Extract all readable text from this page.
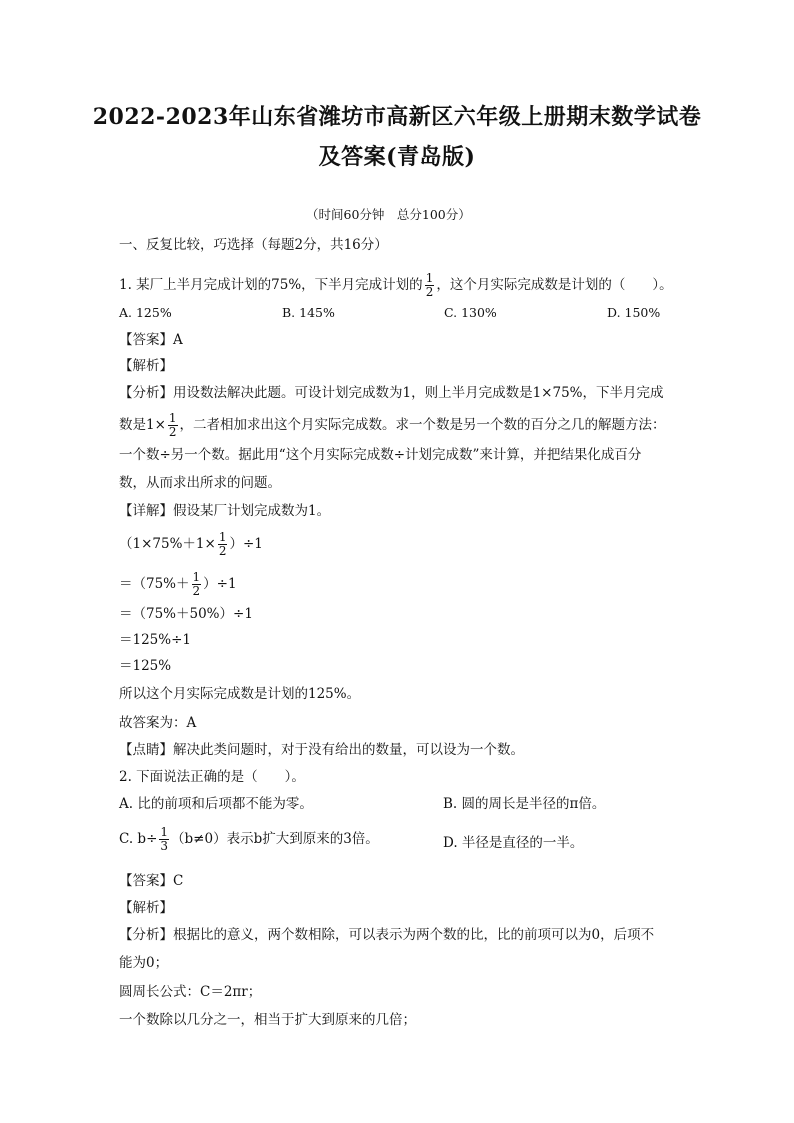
2022-2023年山东省潍坊市高新区六年级上册期末数学试卷
及答案(青岛版)
（时间60分钟　总分100分）
一、反复比较，巧选择（每题2分，共16分）
1. 某厂上半月完成计划的75%，下半月完成计划的 $\frac{1}{2}$ ，这个月实际完成数是计划的（　　）。
A. 125%	B. 145%	C. 130%	D. 150%
【答案】A
【解析】
【分析】用设数法解决此题。可设计划完成数为1，则上半月完成数是1×75%，下半月完成
数是$1\times \frac{1}{2}$ ，二者相加求出这个月实际完成数。求一个数是另一个数的百分之几的解题方法：
一个数÷另一个数。据此用“这个月实际完成数÷计划完成数”来计算，并把结果化成百分
数，从而求出所求的问题。
【详解】假设某厂计划完成数为1。
$(1\times 75\%+1\times \frac{1}{2} )\div 1$
$=(75\%+ \frac{1}{2} )\div 1$
＝（75%＋50%）÷1
＝125%÷1
＝125%
所以这个月实际完成数是计划的125%。
故答案为：A
【点睛】解决此类问题时，对于没有给出的数量，可以设为一个数。
2. 下面说法正确的是（　　）。
A. 比的前项和后项都不能为零。	B. 圆的周长是半径的π倍。
C. $b\div \frac{1}{3} (b\ne 0)$表示b扩大到原来的3倍。	D. 半径是直径的一半。
【答案】C
【解析】
【分析】根据比的意义，两个数相除，可以表示为两个数的比，比的前项可以为0，后项不
能为0；
圆周长公式：C＝2πr；
一个数除以几分之一，相当于扩大到原来的几倍；
